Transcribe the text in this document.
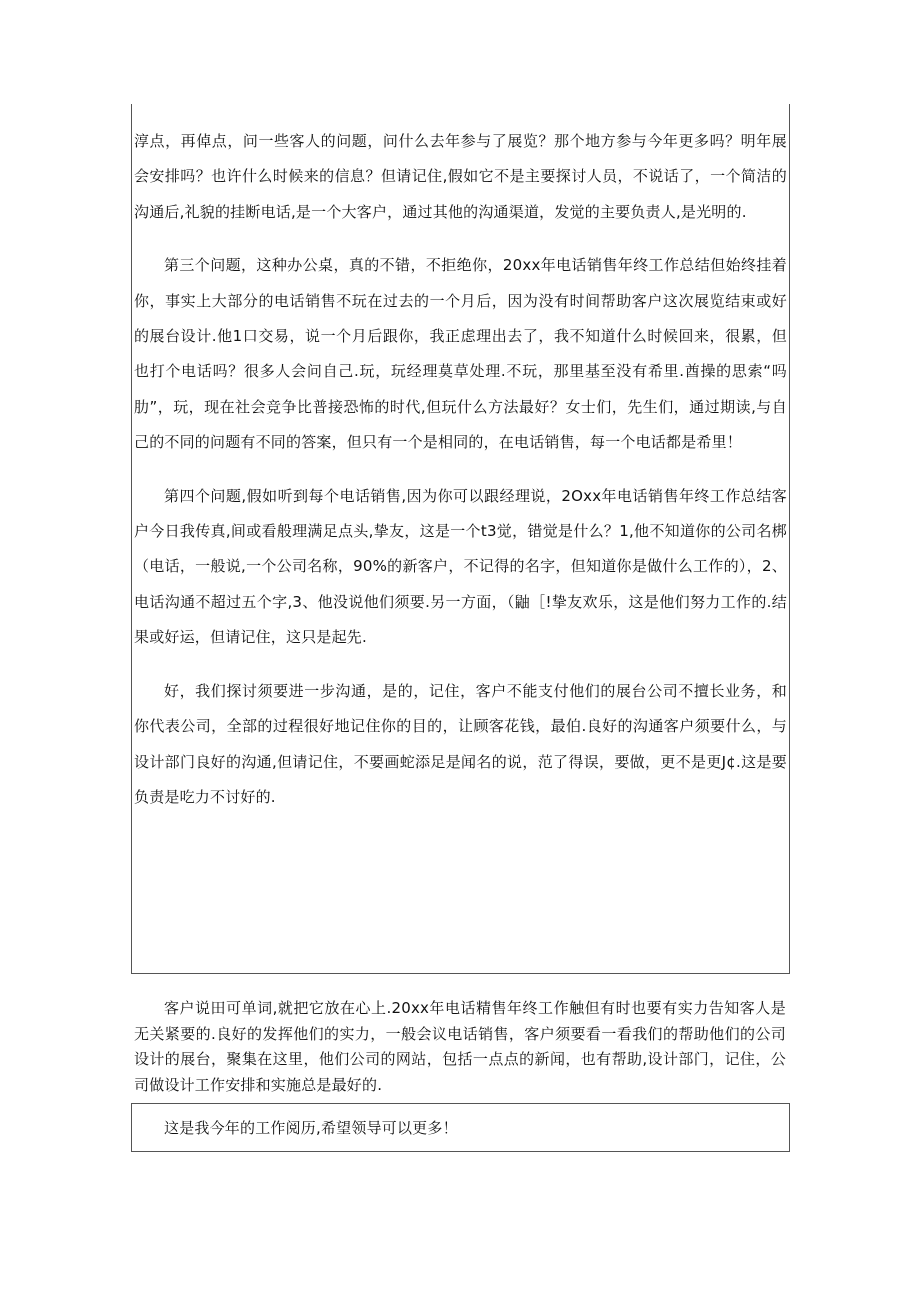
淳点，再倬点，问一些客人的问题，问什么去年参与了展览？那个地方参与今年更多吗？明年展会安排吗？也许什么时候来的信息？但请记住,假如它不是主要探讨人员，不说话了，一个简洁的沟通后,礼貌的挂断电话,是一个大客户，通过其他的沟通渠道，发觉的主要负责人,是光明的.

第三个问题，这种办公桌，真的不错，不拒绝你，20xx年电话销售年终工作总结但始终挂着你，事实上大部分的电话销售不玩在过去的一个月后，因为没有时间帮助客户这次展览结束或好的展台设计.他1口交易，说一个月后跟你，我正虑理出去了，我不知道什么时候回来，很累，但也打个电话吗？很多人会问自己.玩，玩经理莫草处理.不玩，那里基至没有希里.酋操的思索“吗肋”，玩，现在社会竞争比普接恐怖的时代,但玩什么方法最好？女士们，先生们，通过期读,与自己的不同的问题有不同的答案，但只有一个是相同的，在电话销售，每一个电话都是希里！

第四个问题,假如听到每个电话销售,因为你可以跟经理说，2Oxx年电话销售年终工作总结客户今日我传真,间或看般理满足点头,挚友，这是一个t3觉，错觉是什么？1,他不知道你的公司名梆（电话，一般说,一个公司名称，90%的新客户，不记得的名字，但知道你是做什么工作的），2、电话沟通不超过五个字,3、他没说他们须要.另一方面，（鼬［!挚友欢乐，这是他们努力工作的.结果或好运，但请记住，这只是起先.

好，我们探讨须要进一步沟通，是的，记住，客户不能支付他们的展台公司不擅长业务，和你代表公司，全部的过程很好地记住你的目的，让顾客花钱，最伯.良好的沟通客户须要什么，与设计部门良好的沟通,但请记住，不要画蛇添足是闻名的说，范了得误，要做，更不是更J¢.这是要负责是吃力不讨好的.

客户说田可单词,就把它放在心上.20xx年电话精售年终工作触但有时也要有实力告知客人是无关紧要的.良好的发挥他们的实力，一般会议电话销售，客户须要看一看我们的帮助他们的公司设计的展台，聚集在这里，他们公司的网站，包括一点点的新闻，也有帮助,设计部门，记住，公司做设计工作安排和实施总是最好的.

这是我今年的工作阅历,希望领导可以更多！
